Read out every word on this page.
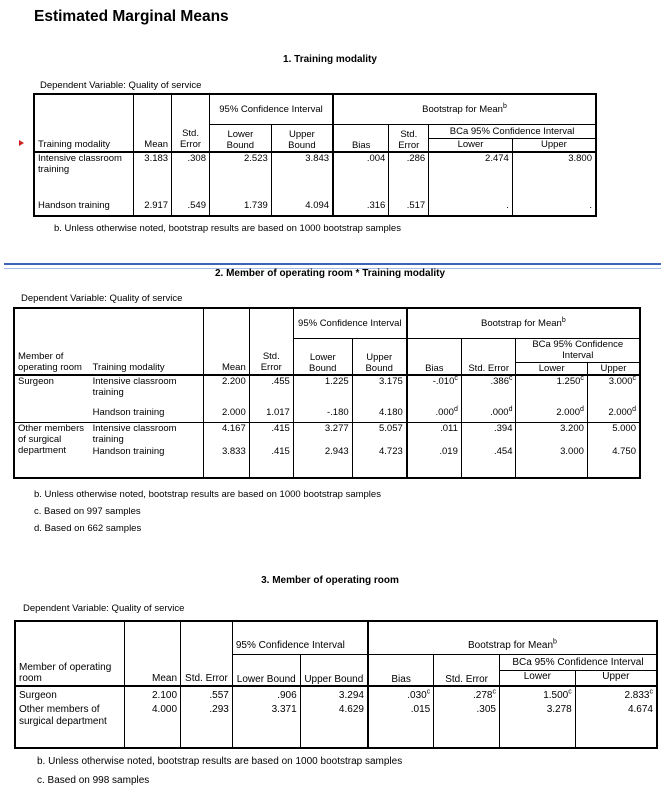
Estimated Marginal Means
1. Training modality
Dependent Variable: Quality of service
Training modality	Mean	Std. Error	95% Confidence Interval		Bootstrap for Mean$^b$
			Lower Bound	Upper Bound	Bias	Std. Error	BCa 95% Confidence Interval	
							Lower	Upper
Intensive classroom training	3.183	.308	2.523	3.843	.004	.286	2.474	3.800
Handson training	2.917	.549	1.739	4.094	.316	.517	.	.
b. Unless otherwise noted, bootstrap results are based on 1000 bootstrap samples
2. Member of operating room * Training modality
Dependent Variable: Quality of service
Member of operating room	Training modality	Mean	Std. Error	95% Confidence Interval		Bootstrap for Mean$^b$
				Lower Bound	Upper Bound	Bias	Std. Error	BCa 95% Confidence Interval	
								Lower	Upper
Surgeon	Intensive classroom training	2.200	.455	1.225	3.175	-.010$^c$	.386$^c$	1.250$^c$	3.000$^c$
	Handson training	2.000	1.017	-.180	4.180	.000$^d$	.000$^d$	2.000$^d$	2.000$^d$
Other members of surgical department	Intensive classroom training	4.167	.415	3.277	5.057	.011	.394	3.200	5.000
	Handson training	3.833	.415	2.943	4.723	.019	.454	3.000	4.750
b. Unless otherwise noted, bootstrap results are based on 1000 bootstrap samples
c. Based on 997 samples
d. Based on 662 samples
3. Member of operating room
Dependent Variable: Quality of service
Member of operating room	Mean	Std. Error	95% Confidence Interval		Bootstrap for Mean$^b$
			Lower Bound	Upper Bound	Bias	Std. Error	BCa 95% Confidence Interval	
							Lower	Upper
Surgeon	2.100	.557	.906	3.294	.030$^c$	.278$^c$	1.500$^c$	2.833$^c$
Other members of surgical department	4.000	.293	3.371	4.629	.015	.305	3.278	4.674
b. Unless otherwise noted, bootstrap results are based on 1000 bootstrap samples
c. Based on 998 samples
